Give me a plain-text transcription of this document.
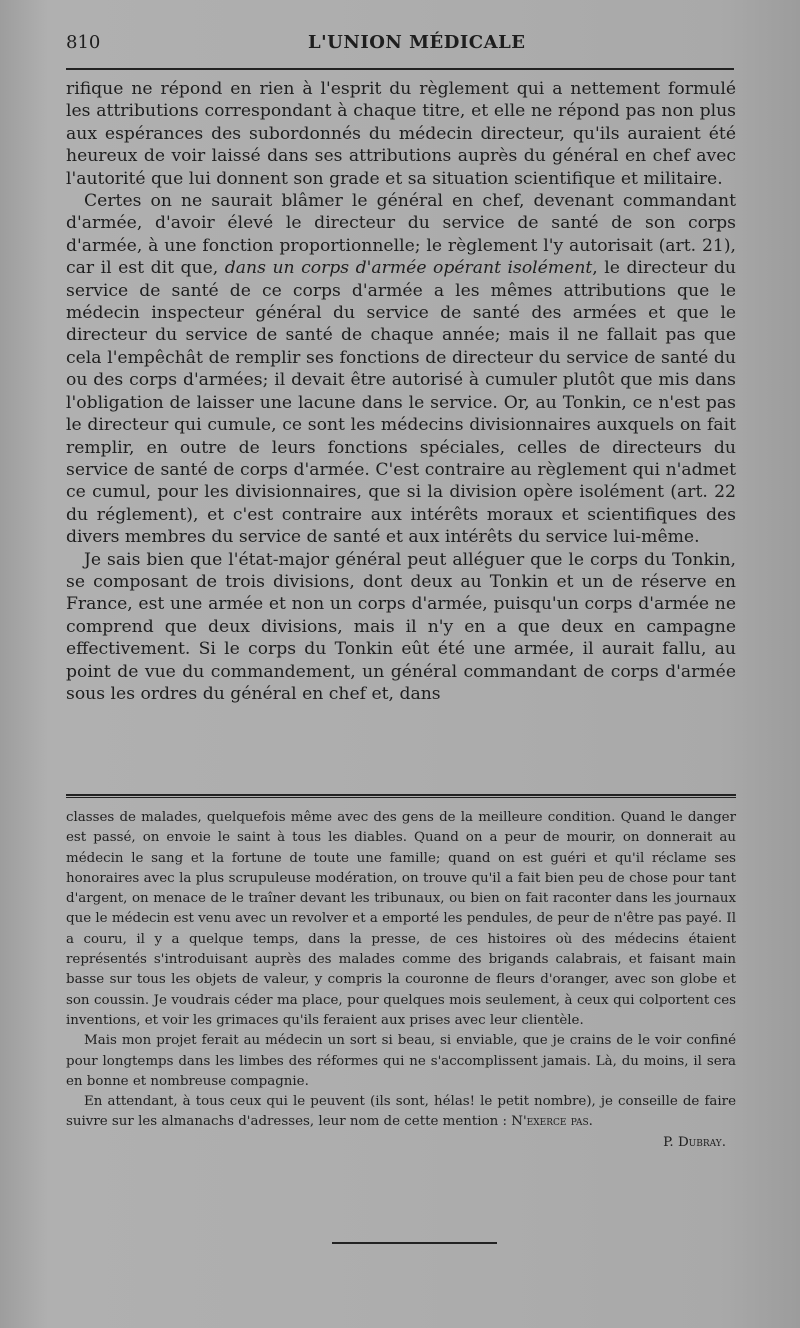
810	L'UNION MÉDICALE

rifique ne répond en rien à l'esprit du règlement qui a nettement formulé les attributions correspondant à chaque titre, et elle ne répond pas non plus aux espérances des subordonnés du médecin directeur, qu'ils auraient été heureux de voir laissé dans ses attributions auprès du général en chef avec l'autorité que lui donnent son grade et sa situation scientifique et militaire.

Certes on ne saurait blâmer le général en chef, devenant commandant d'armée, d'avoir élevé le directeur du service de santé de son corps d'armée, à une fonction proportionnelle; le règlement l'y autorisait (art. 21), car il est dit que, dans un corps d'armée opérant isolément, le directeur du service de santé de ce corps d'armée a les mêmes attributions que le médecin inspecteur général du service de santé des armées et que le directeur du service de santé de chaque année; mais il ne fallait pas que cela l'empêchât de remplir ses fonctions de directeur du service de santé du ou des corps d'armées; il devait être autorisé à cumuler plutôt que mis dans l'obligation de laisser une lacune dans le service. Or, au Tonkin, ce n'est pas le directeur qui cumule, ce sont les médecins divisionnaires auxquels on fait remplir, en outre de leurs fonctions spéciales, celles de directeurs du service de santé de corps d'armée. C'est contraire au règlement qui n'admet ce cumul, pour les divisionnaires, que si la division opère isolément (art. 22 du réglement), et c'est contraire aux intérêts moraux et scientifiques des divers membres du service de santé et aux intérêts du service lui-même.

Je sais bien que l'état-major général peut alléguer que le corps du Tonkin, se composant de trois divisions, dont deux au Tonkin et un de réserve en France, est une armée et non un corps d'armée, puisqu'un corps d'armée ne comprend que deux divisions, mais il n'y en a que deux en campagne effectivement. Si le corps du Tonkin eût été une armée, il aurait fallu, au point de vue du commandement, un général commandant de corps d'armée sous les ordres du général en chef et, dans

classes de malades, quelquefois même avec des gens de la meilleure condition. Quand le danger est passé, on envoie le saint à tous les diables. Quand on a peur de mourir, on donnerait au médecin le sang et la fortune de toute une famille; quand on est guéri et qu'il réclame ses honoraires avec la plus scrupuleuse modération, on trouve qu'il a fait bien peu de chose pour tant d'argent, on menace de le traîner devant les tribunaux, ou bien on fait raconter dans les journaux que le médecin est venu avec un revolver et a emporté les pendules, de peur de n'être pas payé. Il a couru, il y a quelque temps, dans la presse, de ces histoires où des médecins étaient représentés s'introduisant auprès des malades comme des brigands calabrais, et faisant main basse sur tous les objets de valeur, y compris la couronne de fleurs d'oranger, avec son globe et son coussin. Je voudrais céder ma place, pour quelques mois seulement, à ceux qui colportent ces inventions, et voir les grimaces qu'ils feraient aux prises avec leur clientèle.

Mais mon projet ferait au médecin un sort si beau, si enviable, que je crains de le voir confiné pour longtemps dans les limbes des réformes qui ne s'accomplissent jamais. Là, du moins, il sera en bonne et nombreuse compagnie.

En attendant, à tous ceux qui le peuvent (ils sont, hélas! le petit nombre), je conseille de faire suivre sur les almanachs d'adresses, leur nom de cette mention : N'exerce pas.

P. Dubray.
